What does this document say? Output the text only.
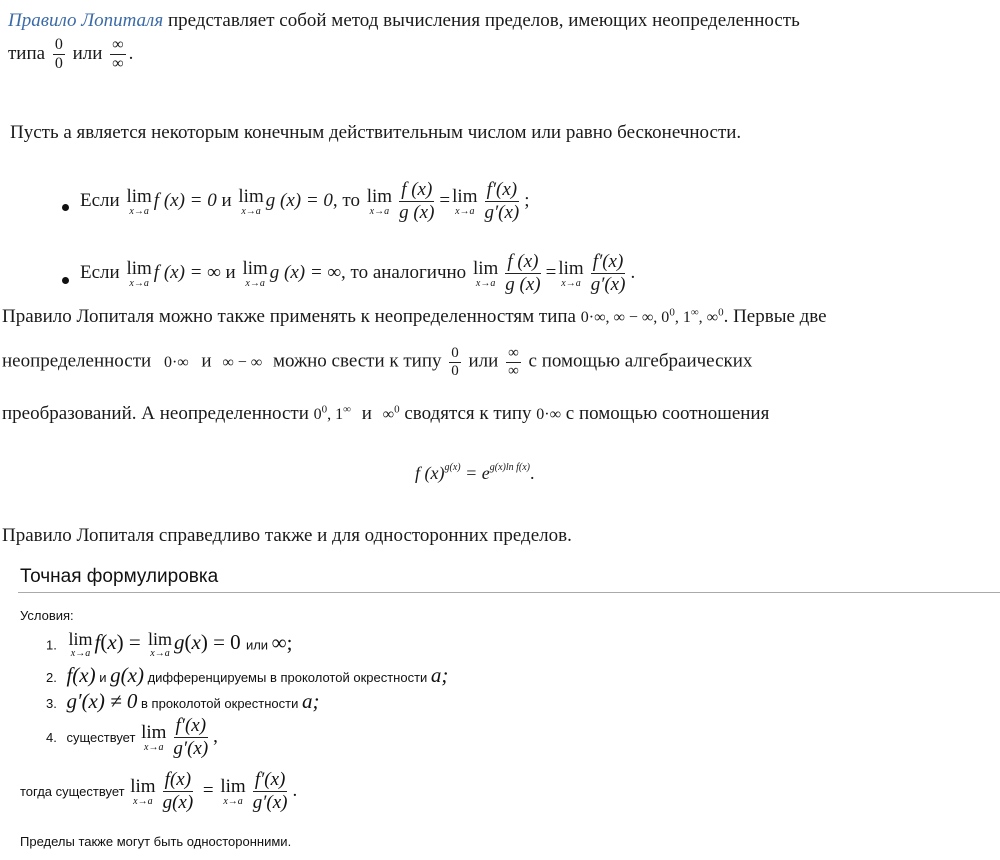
Правило Лопиталя представляет собой метод вычисления пределов, имеющих неопределенность
типа $\frac{0}{0}$ или $\frac{\infty}{\infty}$ .
Пусть а является некоторым конечным действительным числом или равно бесконечности.
Если lim
x→a
f (x) = 0 и lim
x→a
g (x) = 0, то lim
$x\to a \frac{f (x)}{g (x)} = \lim$
$x\to a \frac{f'(x)}{g'(x)}$ ;
Если lim
x→a
f (x) = ∞ и lim
x→a
g (x) = ∞, то аналогично lim
$x\to a \frac{f (x)}{g (x)} = \lim$
$x\to a \frac{f'(x)}{g'(x)}$ .
Правило Лопиталя можно также применять к неопределенностям типа 0·∞, ∞ − ∞, $0^0$, 1∞, ∞$^0$. Первые две
неопределенности 0·∞ и ∞ − ∞ можно свести к типу $\frac{0}{0}$ или $\frac{\infty}{\infty}$ с помощью алгебраических
преобразований. А неопределенности $0^0$, 1∞ и ∞$^0$ сводятся к типу 0·∞ с помощью соотношения
f $(x)^{g(x)} = e^{g(x)ln f(x)}$.
Правило Лопиталя справедливо также и для односторонних пределов.
Точная формулировка
Условия:
1. lim
x→a f(x) = lim
x→a g(x) = 0 или ∞;
2. f(x) и g(x) дифференцируемы в проколотой окрестности a;
3. g′(x) ≠ 0 в проколотой окрестности a;
4. существует lim
$x\to a \frac{f'(x)}{g'(x)}$ ,
тогда существует lim
$x\to a \frac{f(x)}{g(x)} = \lim$
$x\to a \frac{f'(x)}{g'(x)}$ .
Пределы также могут быть односторонними.
